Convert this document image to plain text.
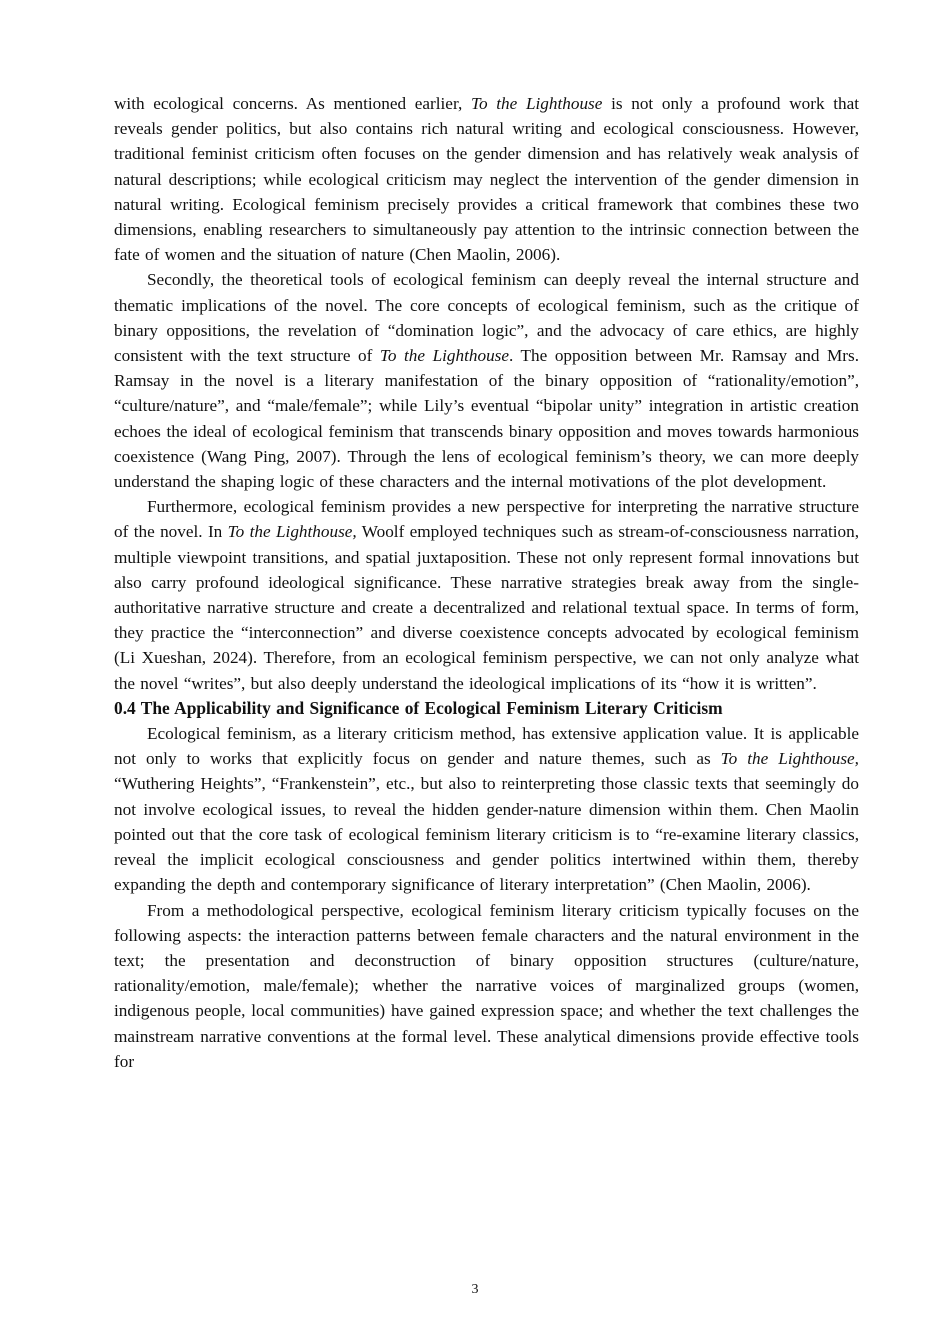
with ecological concerns. As mentioned earlier, To the Lighthouse is not only a profound work that reveals gender politics, but also contains rich natural writing and ecological consciousness. However, traditional feminist criticism often focuses on the gender dimension and has relatively weak analysis of natural descriptions; while ecological criticism may neglect the intervention of the gender dimension in natural writing. Ecological feminism precisely provides a critical framework that combines these two dimensions, enabling researchers to simultaneously pay attention to the intrinsic connection between the fate of women and the situation of nature (Chen Maolin, 2006).

Secondly, the theoretical tools of ecological feminism can deeply reveal the internal structure and thematic implications of the novel. The core concepts of ecological feminism, such as the critique of binary oppositions, the revelation of “domination logic”, and the advocacy of care ethics, are highly consistent with the text structure of To the Lighthouse. The opposition between Mr. Ramsay and Mrs. Ramsay in the novel is a literary manifestation of the binary opposition of “rationality/emotion”, “culture/nature”, and “male/female”; while Lily’s eventual “bipolar unity” integration in artistic creation echoes the ideal of ecological feminism that transcends binary opposition and moves towards harmonious coexistence (Wang Ping, 2007). Through the lens of ecological feminism’s theory, we can more deeply understand the shaping logic of these characters and the internal motivations of the plot development.

Furthermore, ecological feminism provides a new perspective for interpreting the narrative structure of the novel. In To the Lighthouse, Woolf employed techniques such as stream-of-consciousness narration, multiple viewpoint transitions, and spatial juxtaposition. These not only represent formal innovations but also carry profound ideological significance. These narrative strategies break away from the single-authoritative narrative structure and create a decentralized and relational textual space. In terms of form, they practice the “interconnection” and diverse coexistence concepts advocated by ecological feminism (Li Xueshan, 2024). Therefore, from an ecological feminism perspective, we can not only analyze what the novel “writes”, but also deeply understand the ideological implications of its “how it is written”.

0.4 The Applicability and Significance of Ecological Feminism Literary Criticism

Ecological feminism, as a literary criticism method, has extensive application value. It is applicable not only to works that explicitly focus on gender and nature themes, such as To the Lighthouse, “Wuthering Heights”, “Frankenstein”, etc., but also to reinterpreting those classic texts that seemingly do not involve ecological issues, to reveal the hidden gender-nature dimension within them. Chen Maolin pointed out that the core task of ecological feminism literary criticism is to “re-examine literary classics, reveal the implicit ecological consciousness and gender politics intertwined within them, thereby expanding the depth and contemporary significance of literary interpretation” (Chen Maolin, 2006).

From a methodological perspective, ecological feminism literary criticism typically focuses on the following aspects: the interaction patterns between female characters and the natural environment in the text; the presentation and deconstruction of binary opposition structures (culture/nature, rationality/emotion, male/female); whether the narrative voices of marginalized groups (women, indigenous people, local communities) have gained expression space; and whether the text challenges the mainstream narrative conventions at the formal level. These analytical dimensions provide effective tools for

3
